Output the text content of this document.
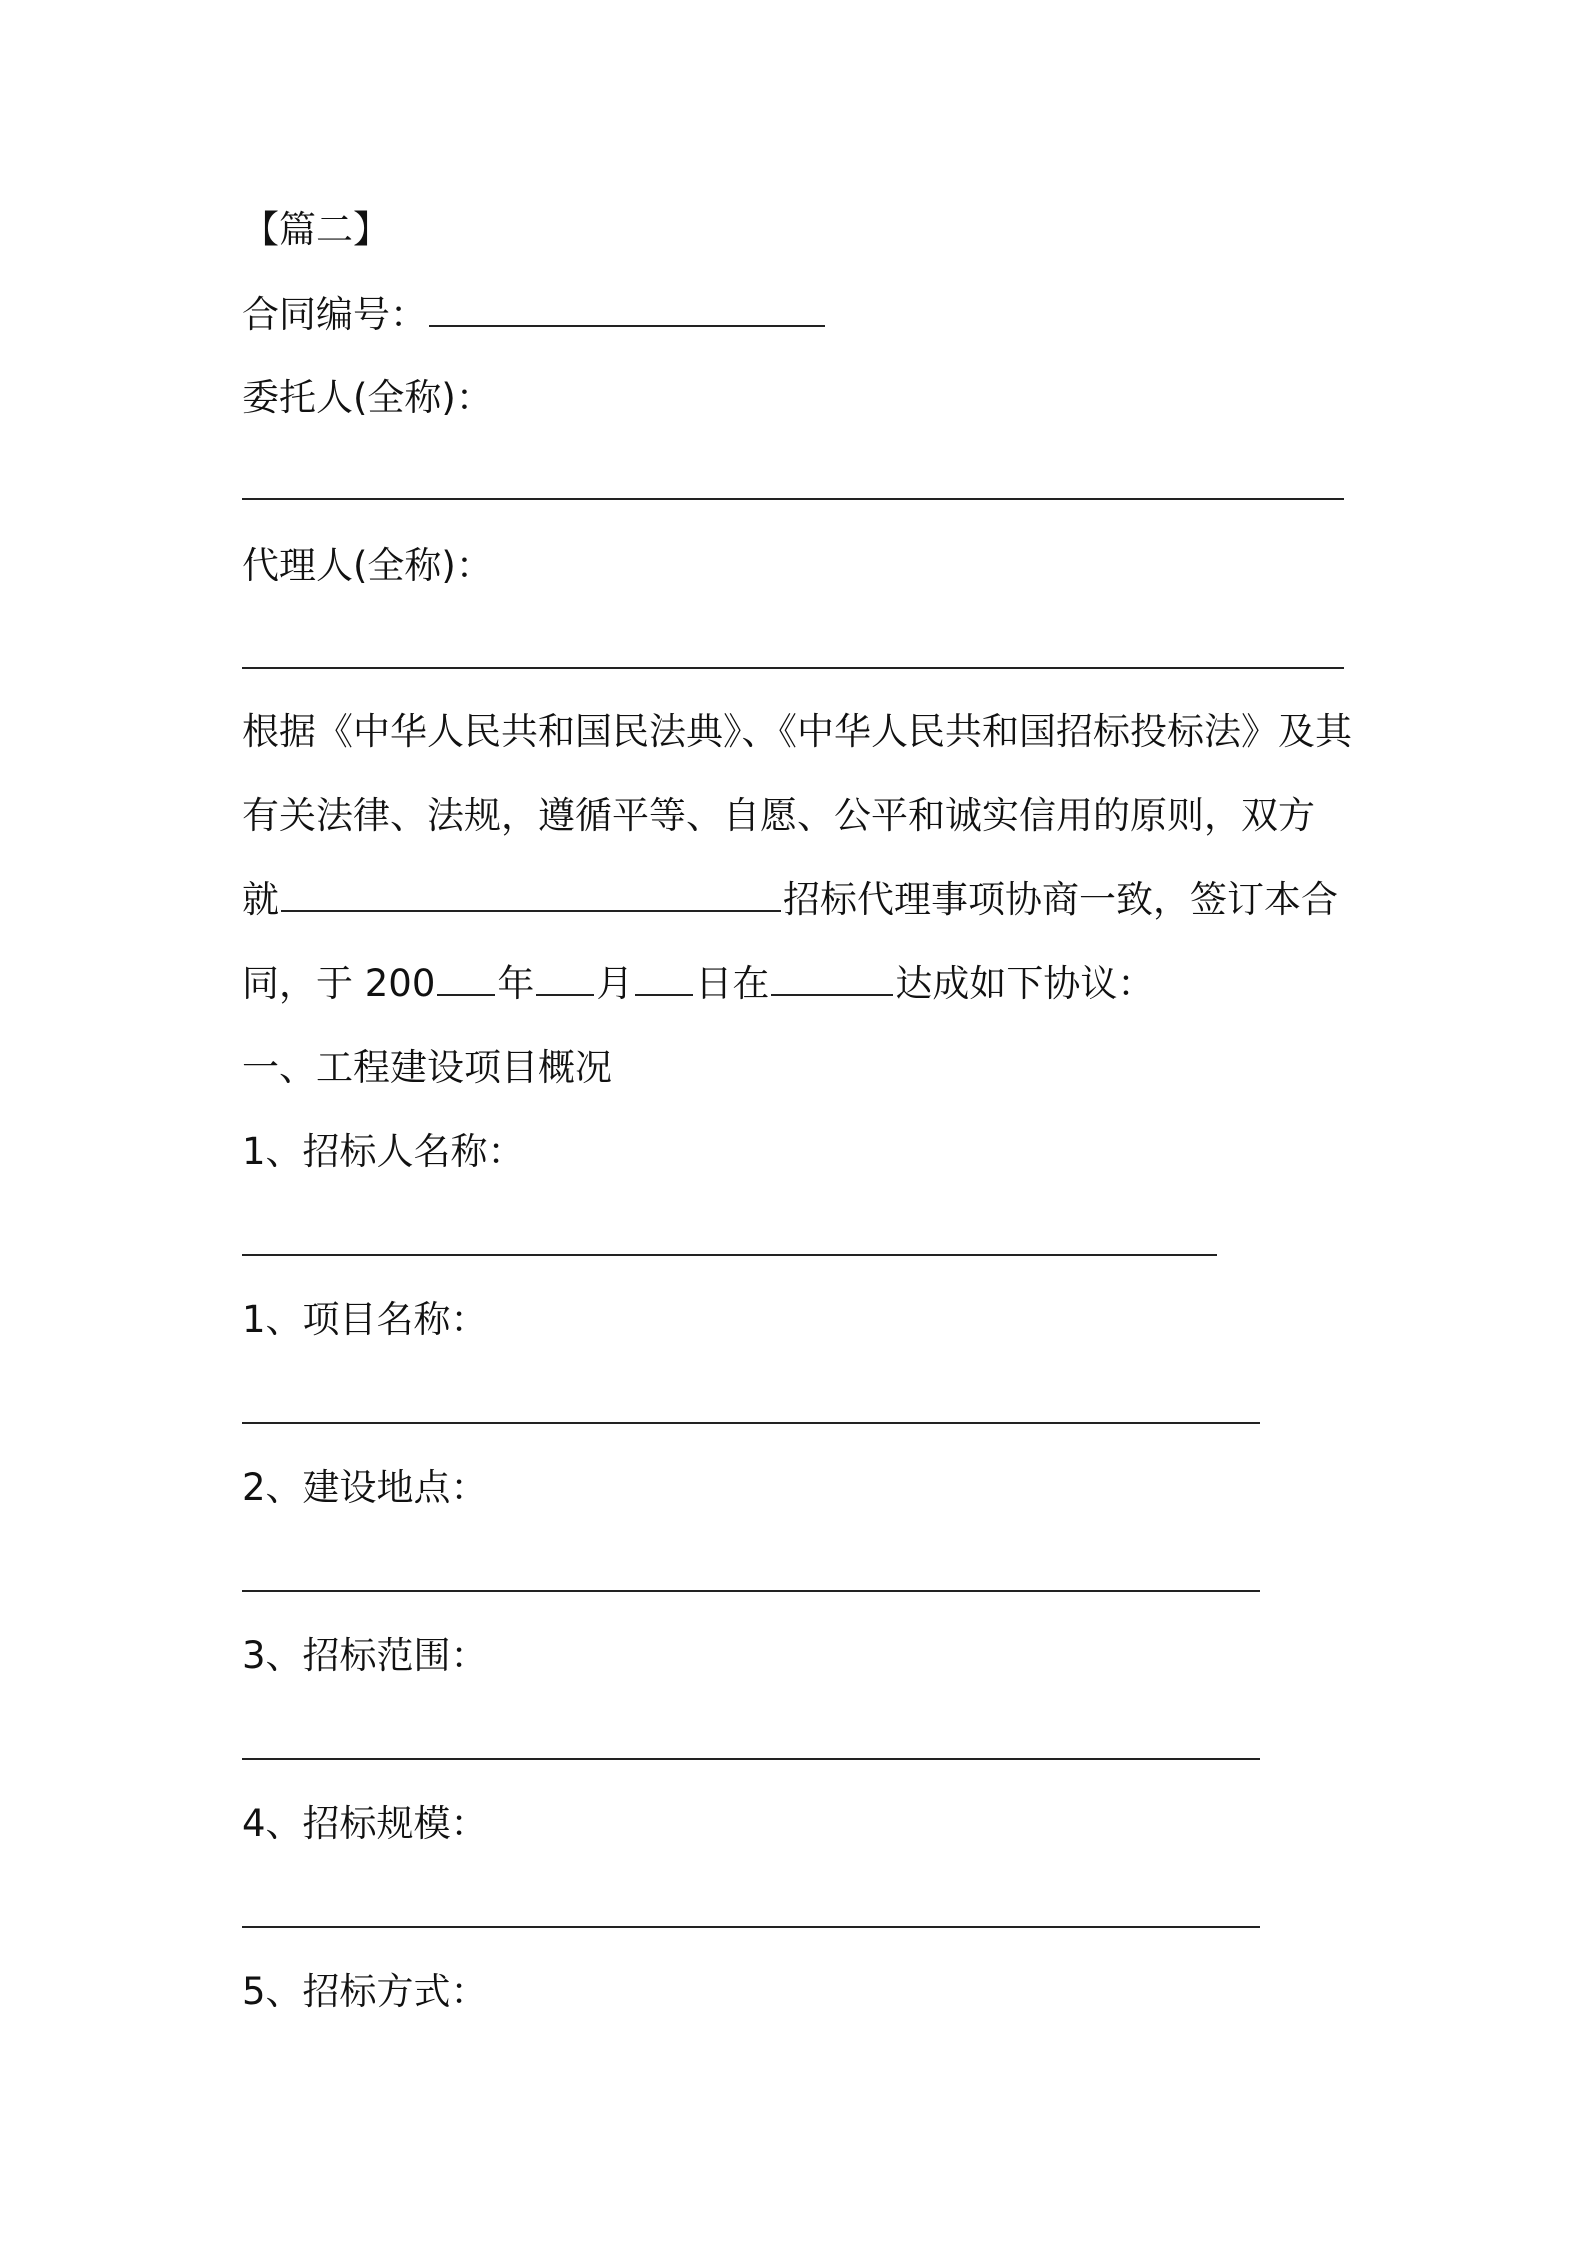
【篇二】
合同编号：
委托人(全称)：
代理人(全称)：
根据《中华人民共和国民法典》、《中华人民共和国招标投标法》及其
有关法律、法规，遵循平等、自愿、公平和诚实信用的原则，双方
就	招标代理事项协商一致，签订本合
同，于 200 年 月 日在	达成如下协议：
一、工程建设项目概况
1、招标人名称：
1、项目名称：
2、建设地点：
3、招标范围：
4、招标规模：
5、招标方式：
